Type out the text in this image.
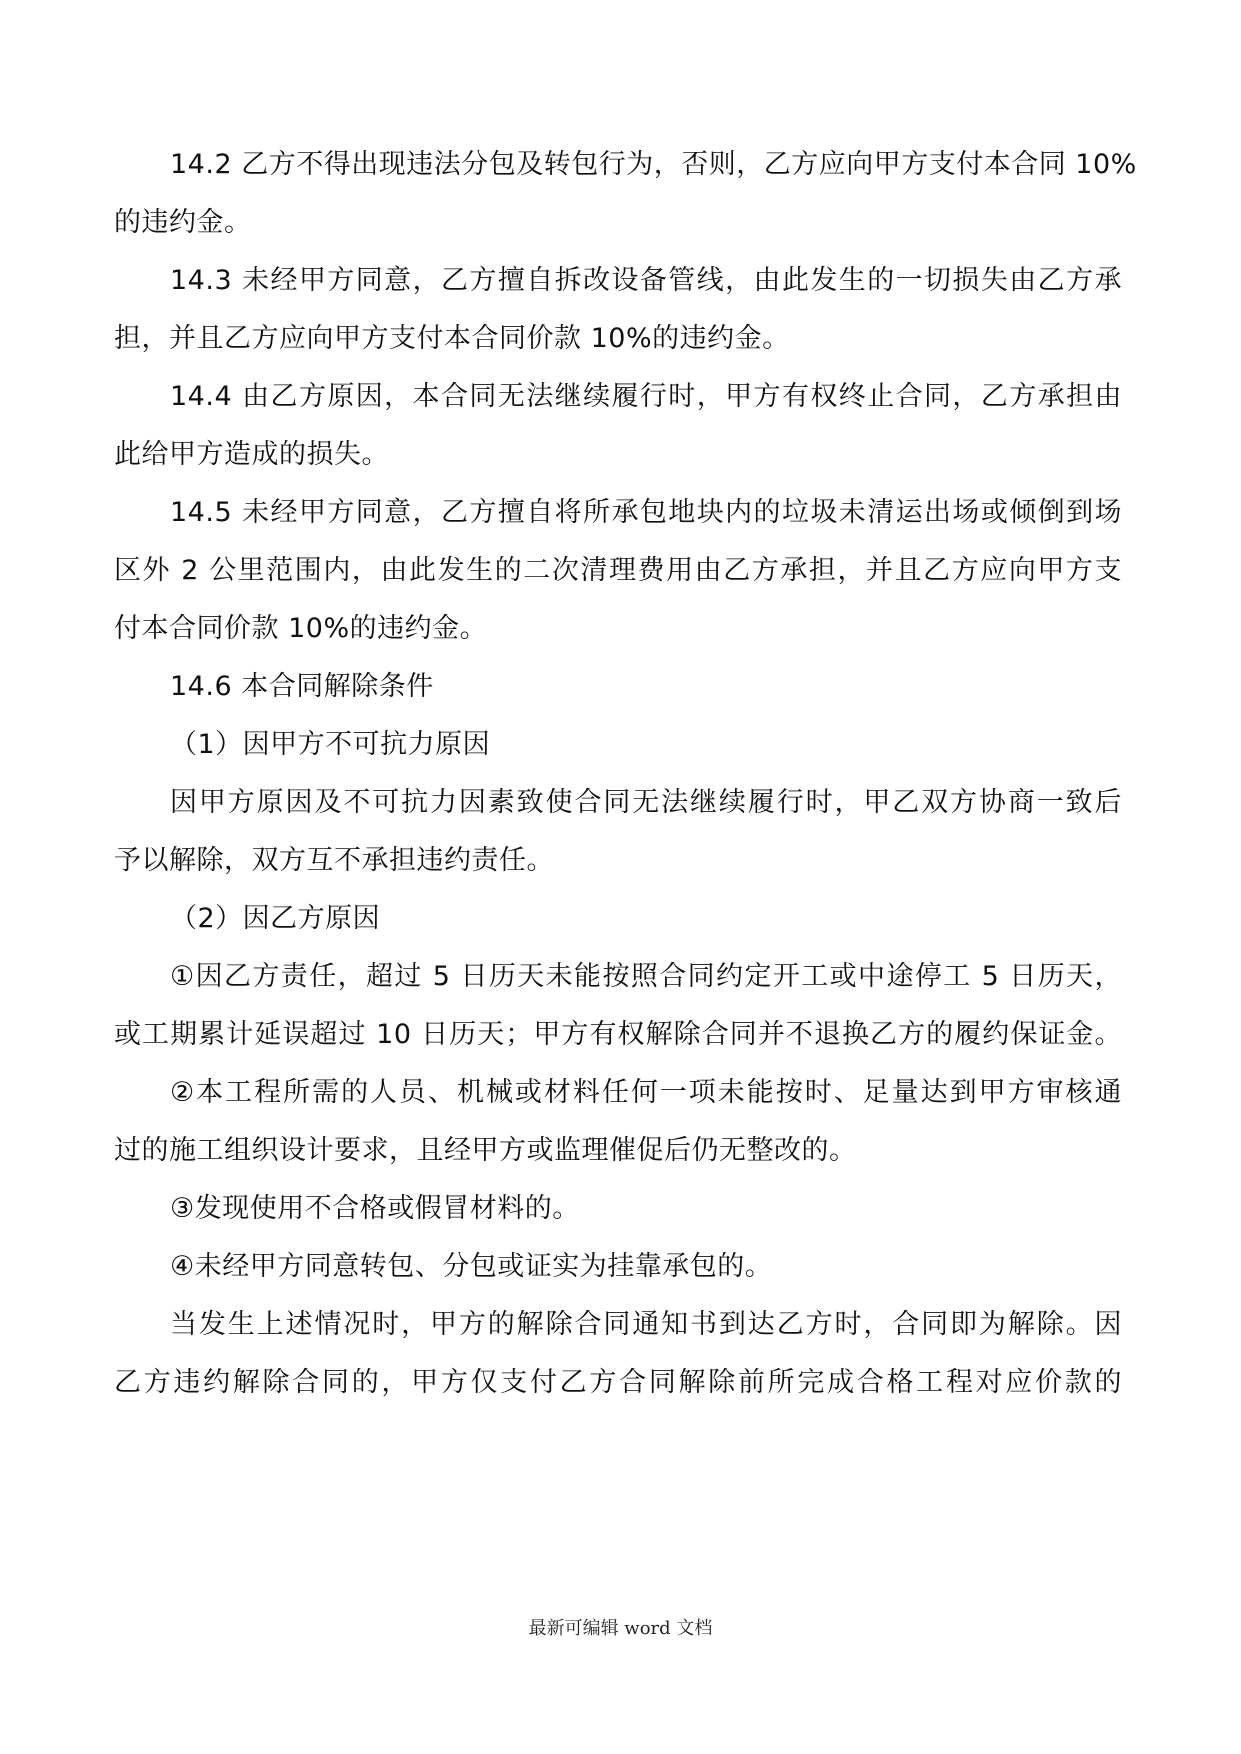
14.2 乙方不得出现违法分包及转包行为，否则，乙方应向甲方支付本合同 10%
的违约金。
14.3 未经甲方同意，乙方擅自拆改设备管线，由此发生的一切损失由乙方承
担，并且乙方应向甲方支付本合同价款 10%的违约金。
14.4 由乙方原因，本合同无法继续履行时，甲方有权终止合同，乙方承担由
此给甲方造成的损失。
14.5 未经甲方同意，乙方擅自将所承包地块内的垃圾未清运出场或倾倒到场
区外 2 公里范围内，由此发生的二次清理费用由乙方承担，并且乙方应向甲方支
付本合同价款 10%的违约金。
14.6 本合同解除条件
（1）因甲方不可抗力原因
因甲方原因及不可抗力因素致使合同无法继续履行时，甲乙双方协商一致后
予以解除，双方互不承担违约责任。
（2）因乙方原因
①因乙方责任，超过 5 日历天未能按照合同约定开工或中途停工 5 日历天，
或工期累计延误超过 10 日历天；甲方有权解除合同并不退换乙方的履约保证金。
②本工程所需的人员、机械或材料任何一项未能按时、足量达到甲方审核通
过的施工组织设计要求，且经甲方或监理催促后仍无整改的。
③发现使用不合格或假冒材料的。
④未经甲方同意转包、分包或证实为挂靠承包的。
当发生上述情况时，甲方的解除合同通知书到达乙方时，合同即为解除。因
乙方违约解除合同的，甲方仅支付乙方合同解除前所完成合格工程对应价款的
最新可编辑 word 文档
